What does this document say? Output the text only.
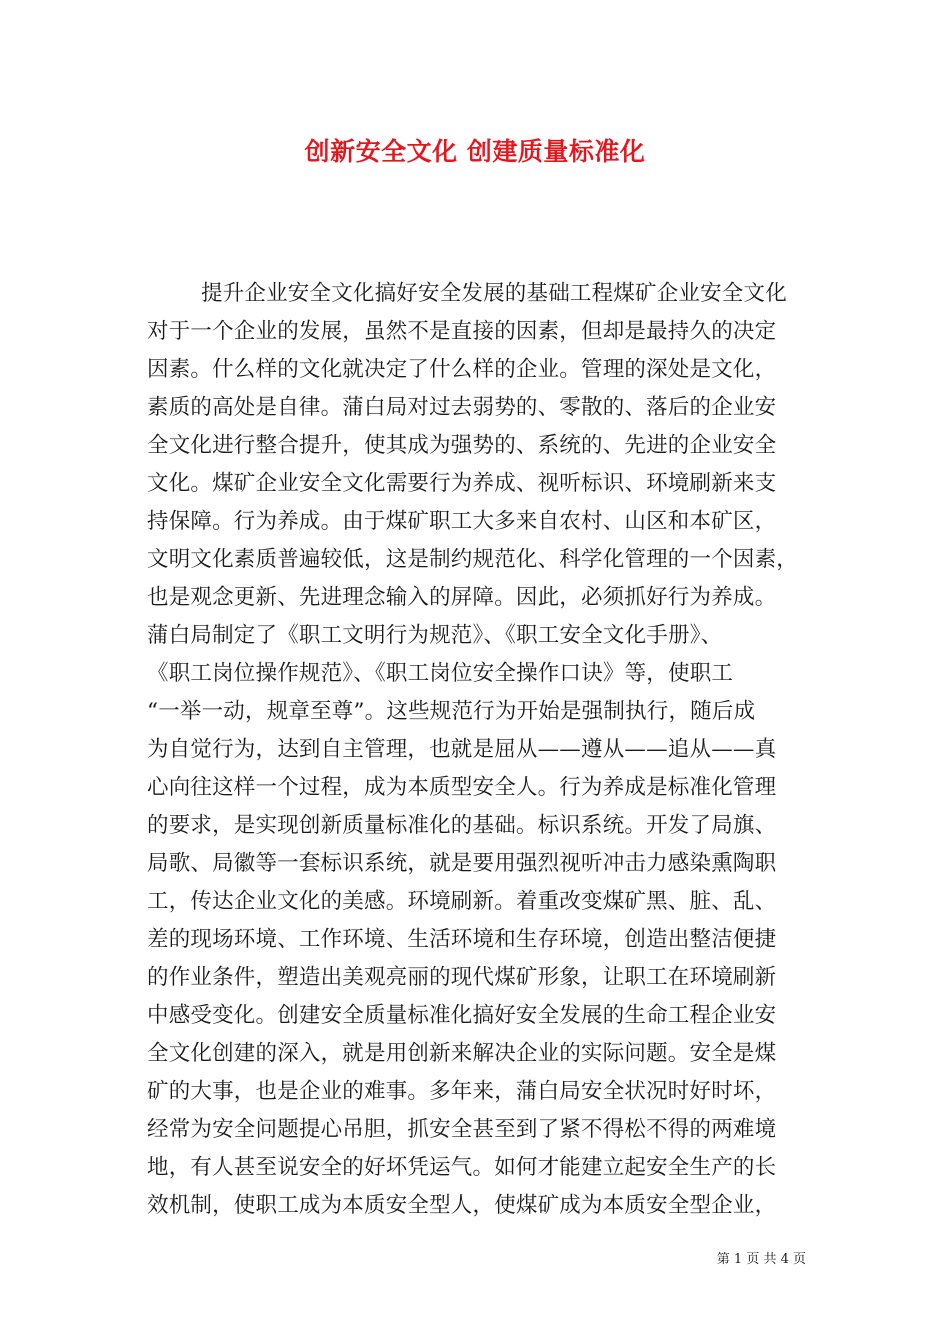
创新安全文化 创建质量标准化
提升企业安全文化搞好安全发展的基础工程煤矿企业安全文化
对于一个企业的发展，虽然不是直接的因素，但却是最持久的决定
因素。什么样的文化就决定了什么样的企业。管理的深处是文化，
素质的高处是自律。蒲白局对过去弱势的、零散的、落后的企业安
全文化进行整合提升，使其成为强势的、系统的、先进的企业安全
文化。煤矿企业安全文化需要行为养成、视听标识、环境刷新来支
持保障。行为养成。由于煤矿职工大多来自农村、山区和本矿区，
文明文化素质普遍较低，这是制约规范化、科学化管理的一个因素，
也是观念更新、先进理念输入的屏障。因此，必须抓好行为养成。
蒲白局制定了《职工文明行为规范》、《职工安全文化手册》、
《职工岗位操作规范》、《职工岗位安全操作口诀》等，使职工
“一举一动，规章至尊”。这些规范行为开始是强制执行，随后成
为自觉行为，达到自主管理，也就是屈从——遵从——追从——真
心向往这样一个过程，成为本质型安全人。行为养成是标准化管理
的要求，是实现创新质量标准化的基础。标识系统。开发了局旗、
局歌、局徽等一套标识系统，就是要用强烈视听冲击力感染熏陶职
工，传达企业文化的美感。环境刷新。着重改变煤矿黑、脏、乱、
差的现场环境、工作环境、生活环境和生存环境，创造出整洁便捷
的作业条件，塑造出美观亮丽的现代煤矿形象，让职工在环境刷新
中感受变化。创建安全质量标准化搞好安全发展的生命工程企业安
全文化创建的深入，就是用创新来解决企业的实际问题。安全是煤
矿的大事，也是企业的难事。多年来，蒲白局安全状况时好时坏，
经常为安全问题提心吊胆，抓安全甚至到了紧不得松不得的两难境
地，有人甚至说安全的好坏凭运气。如何才能建立起安全生产的长
效机制，使职工成为本质安全型人，使煤矿成为本质安全型企业，
第 1 页 共 4 页
